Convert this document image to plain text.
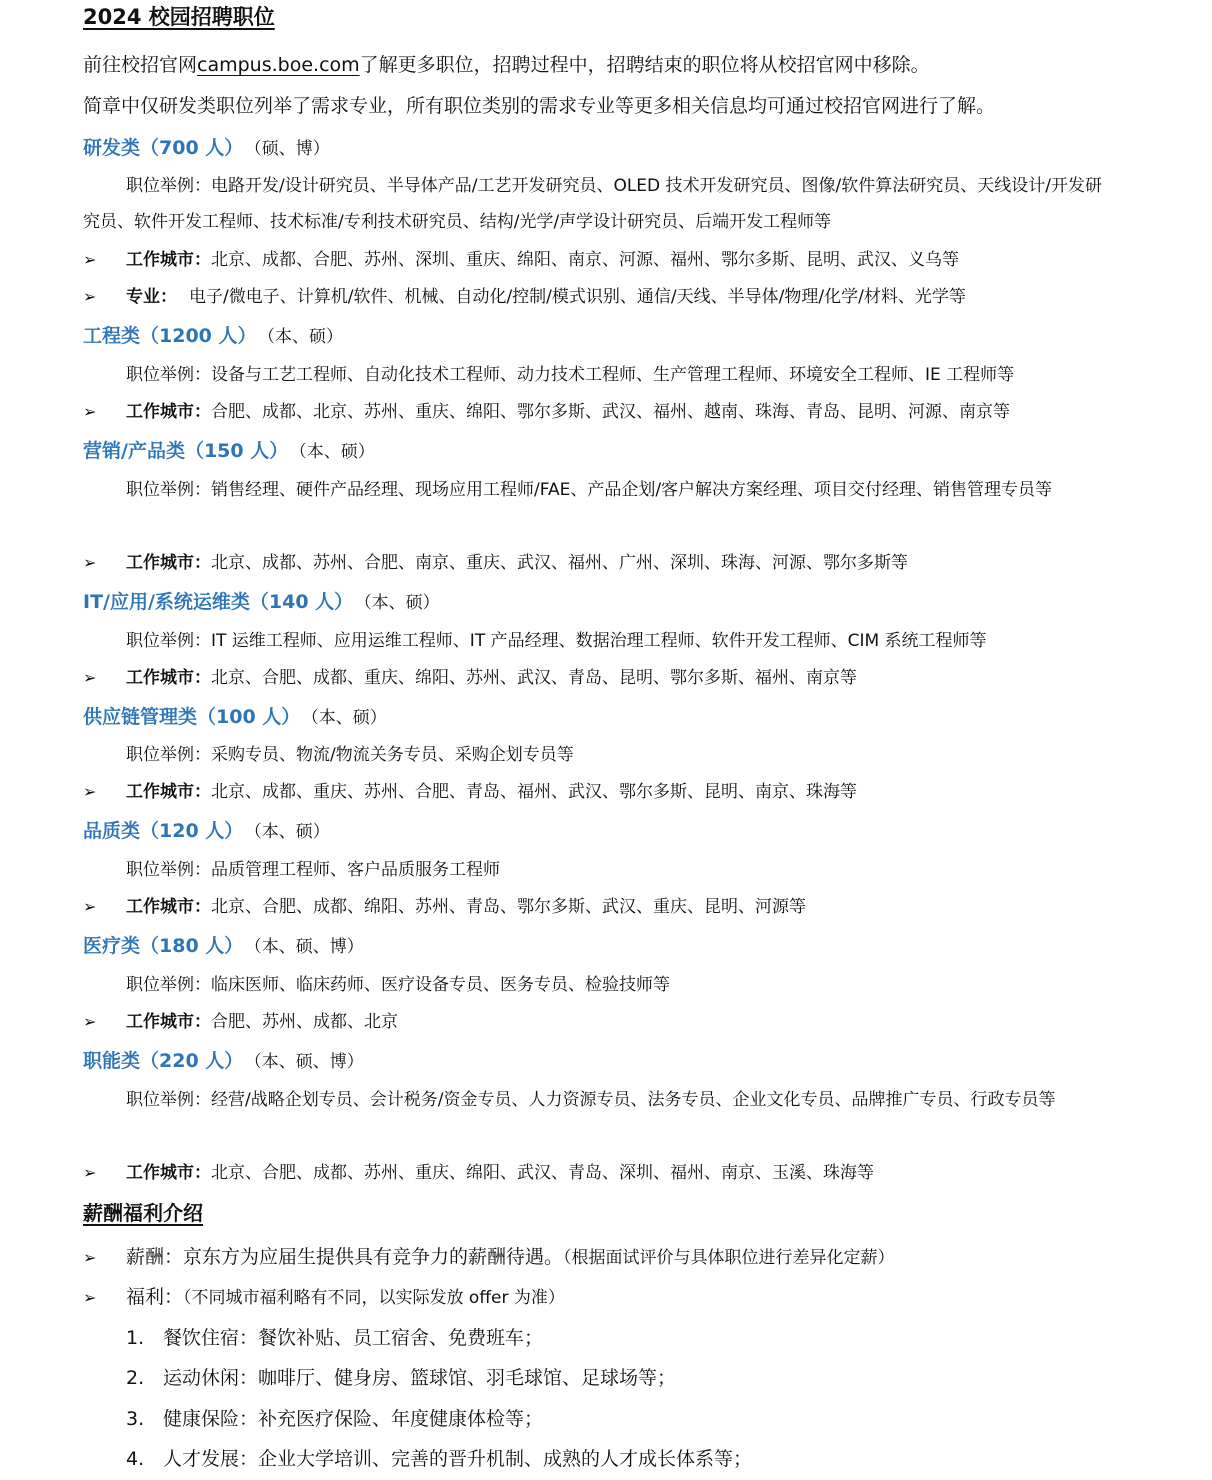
2024 校园招聘职位
前往校招官网campus.boe.com了解更多职位，招聘过程中，招聘结束的职位将从校招官网中移除。
简章中仅研发类职位列举了需求专业，所有职位类别的需求专业等更多相关信息均可通过校招官网进行了解。
研发类（700 人） （硕、博）
职位举例：电路开发/设计研究员、半导体产品/工艺开发研究员、OLED 技术开发研究员、图像/软件算法研究员、天线设计/开发研究员、软件开发工程师、技术标准/专利技术研究员、结构/光学/声学设计研究员、后端开发工程师等
➢ 工作城市：北京、成都、合肥、苏州、深圳、重庆、绵阳、南京、河源、福州、鄂尔多斯、昆明、武汉、义乌等
➢ 专业： 电子/微电子、计算机/软件、机械、自动化/控制/模式识别、通信/天线、半导体/物理/化学/材料、光学等
工程类（1200 人） （本、硕）
职位举例：设备与工艺工程师、自动化技术工程师、动力技术工程师、生产管理工程师、环境安全工程师、IE 工程师等
➢ 工作城市：合肥、成都、北京、苏州、重庆、绵阳、鄂尔多斯、武汉、福州、越南、珠海、青岛、昆明、河源、南京等
营销/产品类（150 人） （本、硕）
职位举例：销售经理、硬件产品经理、现场应用工程师/FAE、产品企划/客户解决方案经理、项目交付经理、销售管理专员等
➢ 工作城市：北京、成都、苏州、合肥、南京、重庆、武汉、福州、广州、深圳、珠海、河源、鄂尔多斯等
IT/应用/系统运维类（140 人） （本、硕）
职位举例：IT 运维工程师、应用运维工程师、IT 产品经理、数据治理工程师、软件开发工程师、CIM 系统工程师等
➢ 工作城市：北京、合肥、成都、重庆、绵阳、苏州、武汉、青岛、昆明、鄂尔多斯、福州、南京等
供应链管理类（100 人） （本、硕）
职位举例：采购专员、物流/物流关务专员、采购企划专员等
➢ 工作城市：北京、成都、重庆、苏州、合肥、青岛、福州、武汉、鄂尔多斯、昆明、南京、珠海等
品质类（120 人） （本、硕）
职位举例：品质管理工程师、客户品质服务工程师
➢ 工作城市：北京、合肥、成都、绵阳、苏州、青岛、鄂尔多斯、武汉、重庆、昆明、河源等
医疗类（180 人） （本、硕、博）
职位举例：临床医师、临床药师、医疗设备专员、医务专员、检验技师等
➢ 工作城市：合肥、苏州、成都、北京
职能类（220 人） （本、硕、博）
职位举例：经营/战略企划专员、会计税务/资金专员、人力资源专员、法务专员、企业文化专员、品牌推广专员、行政专员等
➢ 工作城市：北京、合肥、成都、苏州、重庆、绵阳、武汉、青岛、深圳、福州、南京、玉溪、珠海等
薪酬福利介绍
➢ 薪酬：京东方为应届生提供具有竞争力的薪酬待遇。（根据面试评价与具体职位进行差异化定薪）
➢ 福利：（不同城市福利略有不同，以实际发放 offer 为准）
1. 餐饮住宿：餐饮补贴、员工宿舍、免费班车；
2. 运动休闲：咖啡厅、健身房、篮球馆、羽毛球馆、足球场等；
3. 健康保险：补充医疗保险、年度健康体检等；
4. 人才发展：企业大学培训、完善的晋升机制、成熟的人才成长体系等；
